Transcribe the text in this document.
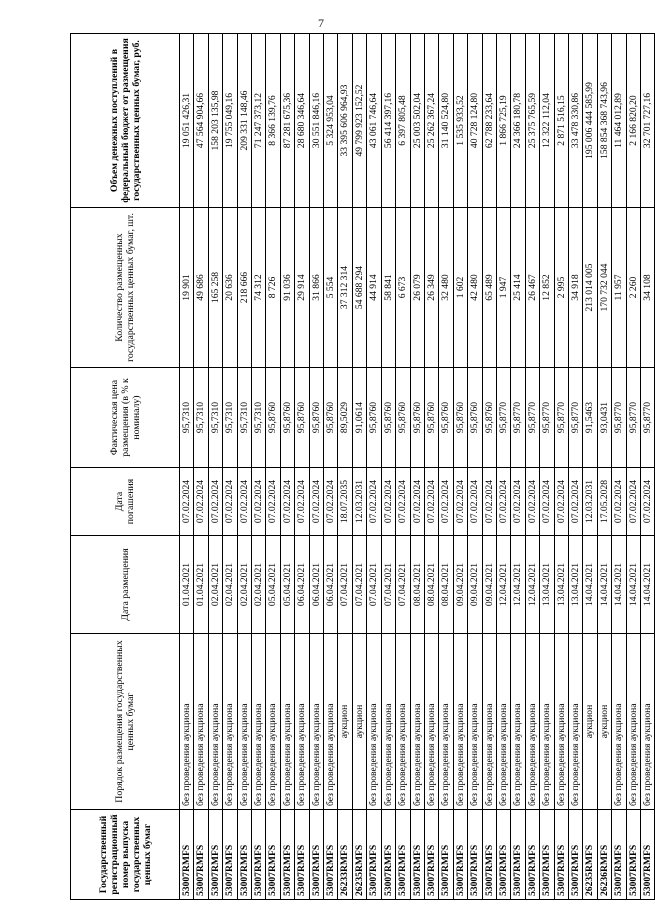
7
Государственный регистрационный номер выпуска государственных ценных бумаг	Порядок размещения государственных ценных бумаг	Дата размещения	Дата погашения	Фактическая цена размещения (в % к номиналу)	Количество размещенных государственных ценных бумаг, шт.	Объем денежных поступлений в федеральный бюджет от размещения государственных ценных бумаг, руб.
53007RMFS	без проведения аукциона	01.04.2021	07.02.2024	95,7310	19 901	19 051 426,31
53007RMFS	без проведения аукциона	01.04.2021	07.02.2024	95,7310	49 686	47 564 904,66
53007RMFS	без проведения аукциона	02.04.2021	07.02.2024	95,7310	165 258	158 203 135,98
53007RMFS	без проведения аукциона	02.04.2021	07.02.2024	95,7310	20 636	19 755 049,16
53007RMFS	без проведения аукциона	02.04.2021	07.02.2024	95,7310	218 666	209 331 148,46
53007RMFS	без проведения аукциона	02.04.2021	07.02.2024	95,7310	74 312	71 247 373,12
53007RMFS	без проведения аукциона	05.04.2021	07.02.2024	95,8760	8 726	8 366 139,76
53007RMFS	без проведения аукциона	05.04.2021	07.02.2024	95,8760	91 036	87 281 675,36
53007RMFS	без проведения аукциона	06.04.2021	07.02.2024	95,8760	29 914	28 680 346,64
53007RMFS	без проведения аукциона	06.04.2021	07.02.2024	95,8760	31 866	30 551 846,16
53007RMFS	без проведения аукциона	06.04.2021	07.02.2024	95,8760	5 554	5 324 953,04
26233RMFS	аукцион	07.04.2021	18.07.2035	89,5029	37 312 314	33 395 606 964,93
26235RMFS	аукцион	07.04.2021	12.03.2031	91,0614	54 688 294	49 799 923 152,52
53007RMFS	без проведения аукциона	07.04.2021	07.02.2024	95,8760	44 914	43 061 746,64
53007RMFS	без проведения аукциона	07.04.2021	07.02.2024	95,8760	58 841	56 414 397,16
53007RMFS	без проведения аукциона	07.04.2021	07.02.2024	95,8760	6 673	6 397 805,48
53007RMFS	без проведения аукциона	08.04.2021	07.02.2024	95,8760	26 079	25 003 502,04
53007RMFS	без проведения аукциона	08.04.2021	07.02.2024	95,8760	26 349	25 262 367,24
53007RMFS	без проведения аукциона	08.04.2021	07.02.2024	95,8760	32 480	31 140 524,80
53007RMFS	без проведения аукциона	09.04.2021	07.02.2024	95,8760	1 602	1 535 933,52
53007RMFS	без проведения аукциона	09.04.2021	07.02.2024	95,8760	42 480	40 728 124,80
53007RMFS	без проведения аукциона	09.04.2021	07.02.2024	95,8760	65 489	62 788 233,64
53007RMFS	без проведения аукциона	12.04.2021	07.02.2024	95,8770	1 947	1 866 725,19
53007RMFS	без проведения аукциона	12.04.2021	07.02.2024	95,8770	25 414	24 366 180,78
53007RMFS	без проведения аукциона	12.04.2021	07.02.2024	95,8770	26 467	25 375 765,59
53007RMFS	без проведения аукциона	13.04.2021	07.02.2024	95,8770	12 852	12 322 112,04
53007RMFS	без проведения аукциона	13.04.2021	07.02.2024	95,8770	2 995	2 871 516,15
53007RMFS	без проведения аукциона	13.04.2021	07.02.2024	95,8770	34 918	33 478 330,86
26235RMFS	аукцион	14.04.2021	12.03.2031	91,5463	213 014 005	195 006 444 585,99
26236RMFS	аукцион	14.04.2021	17.05.2028	93,0431	170 732 044	158 854 368 743,96
53007RMFS	без проведения аукциона	14.04.2021	07.02.2024	95,8770	11 957	11 464 012,89
53007RMFS	без проведения аукциона	14.04.2021	07.02.2024	95,8770	2 260	2 166 820,20
53007RMFS	без проведения аукциона	14.04.2021	07.02.2024	95,8770	34 108	32 701 727,16
